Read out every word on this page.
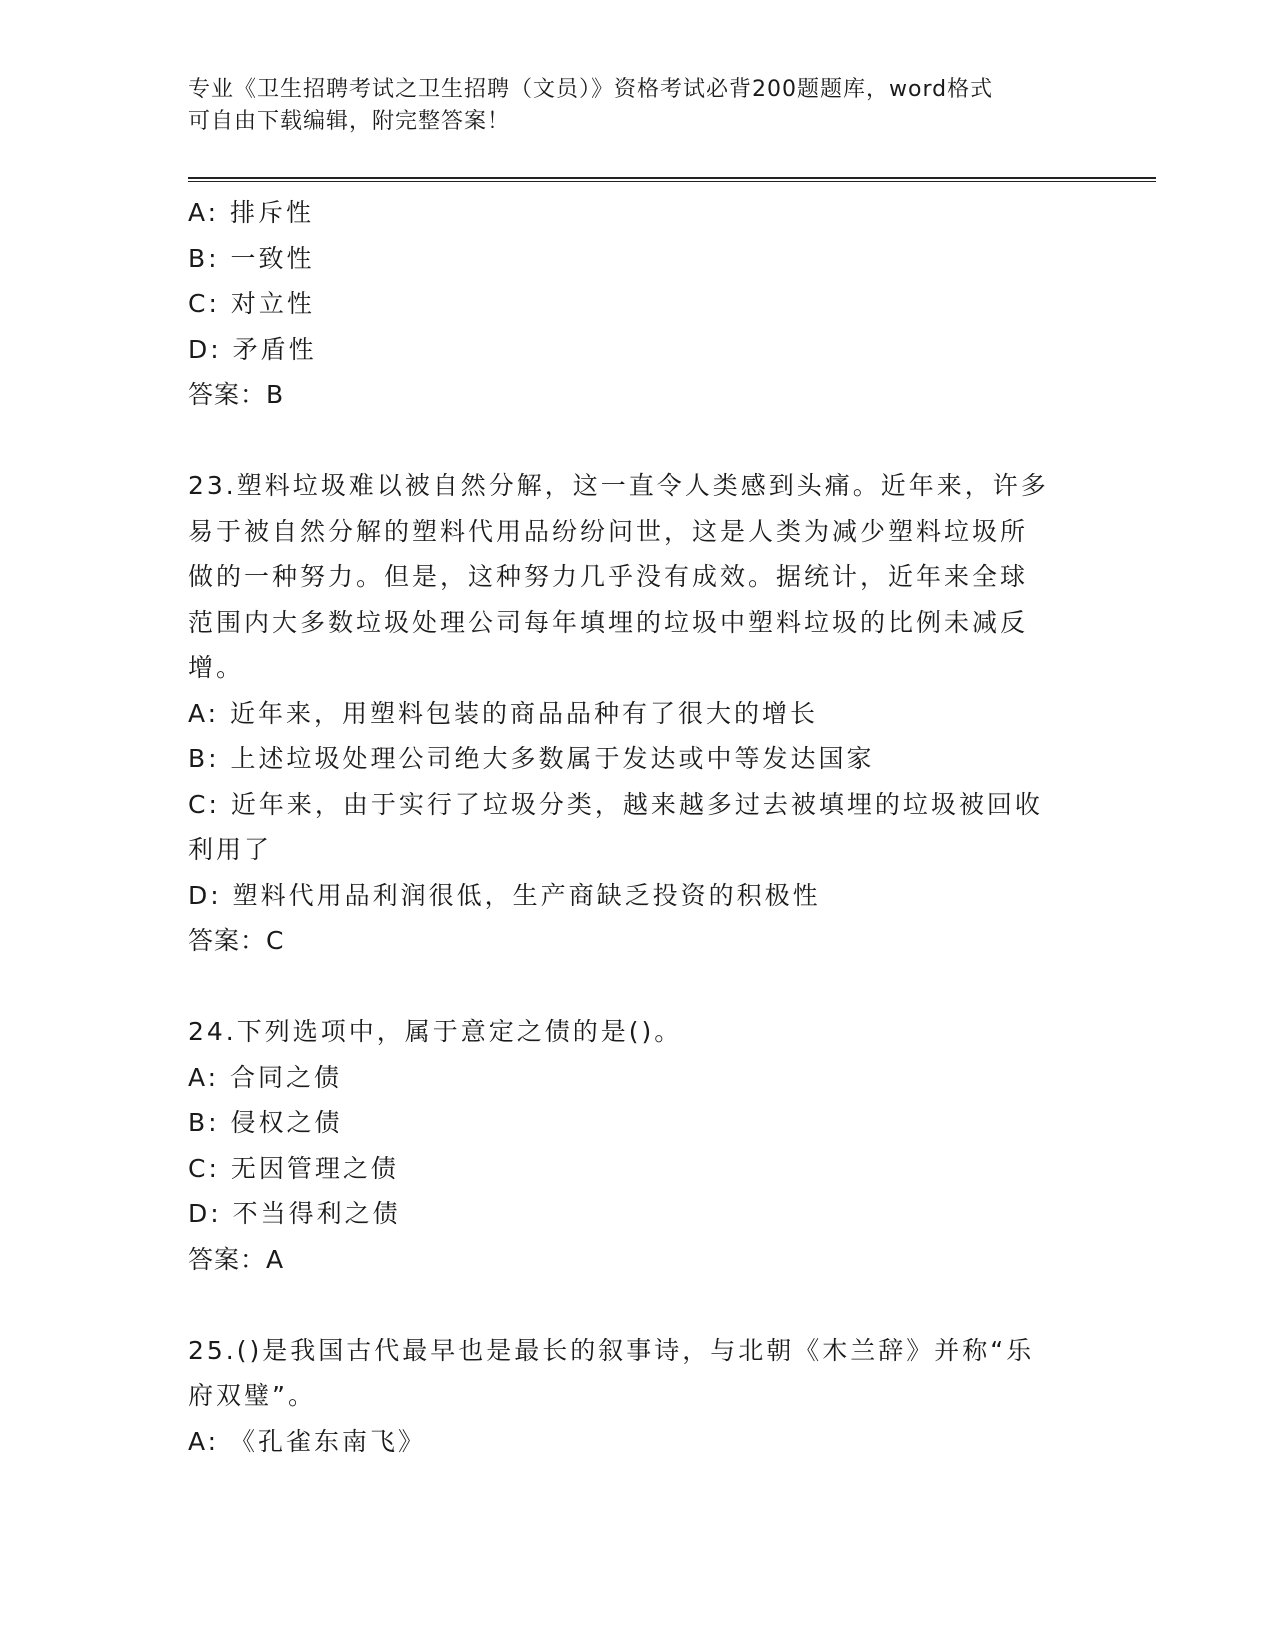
专业《卫生招聘考试之卫生招聘（文员）》资格考试必背200题题库，word格式
可自由下载编辑，附完整答案！
A: 排斥性
B: 一致性
C: 对立性
D: 矛盾性
答案：B
23.塑料垃圾难以被自然分解，这一直令人类感到头痛。近年来，许多
易于被自然分解的塑料代用品纷纷问世，这是人类为减少塑料垃圾所
做的一种努力。但是，这种努力几乎没有成效。据统计，近年来全球
范围内大多数垃圾处理公司每年填埋的垃圾中塑料垃圾的比例未减反
增。
A: 近年来，用塑料包装的商品品种有了很大的增长
B: 上述垃圾处理公司绝大多数属于发达或中等发达国家
C: 近年来，由于实行了垃圾分类，越来越多过去被填埋的垃圾被回收
利用了
D: 塑料代用品利润很低，生产商缺乏投资的积极性
答案：C
24.下列选项中，属于意定之债的是()。
A: 合同之债
B: 侵权之债
C: 无因管理之债
D: 不当得利之债
答案：A
25.()是我国古代最早也是最长的叙事诗，与北朝《木兰辞》并称“乐
府双璧”。
A: 《孔雀东南飞》
